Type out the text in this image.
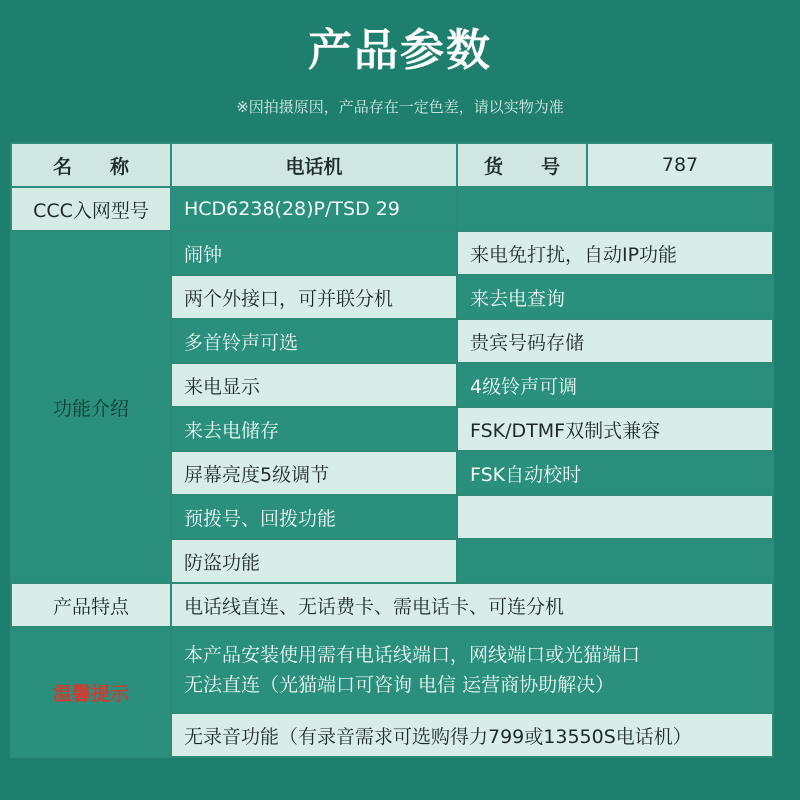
产品参数
※因拍摄原因，产品存在一定色差，请以实物为准
名　　称	电话机	货　　号	787
CCC入网型号	HCD6238(28)P/TSD 29		
功能介绍	闹钟	来电免打扰，自动IP功能	
	两个外接口，可并联分机	来去电查询	
	多首铃声可选	贵宾号码存储	
	来电显示	4级铃声可调	
	来去电储存	FSK/DTMF双制式兼容	
	屏幕亮度5级调节	FSK自动校时	
	预拨号、回拨功能		
	防盗功能		
产品特点	电话线直连、无话费卡、需电话卡、可连分机		
温馨提示	本产品安装使用需有电话线端口，网线端口或光猫端口
无法直连（光猫端口可咨询 电信 运营商协助解决）		

	无录音功能（有录音需求可选购得力799或13550S电话机）		
